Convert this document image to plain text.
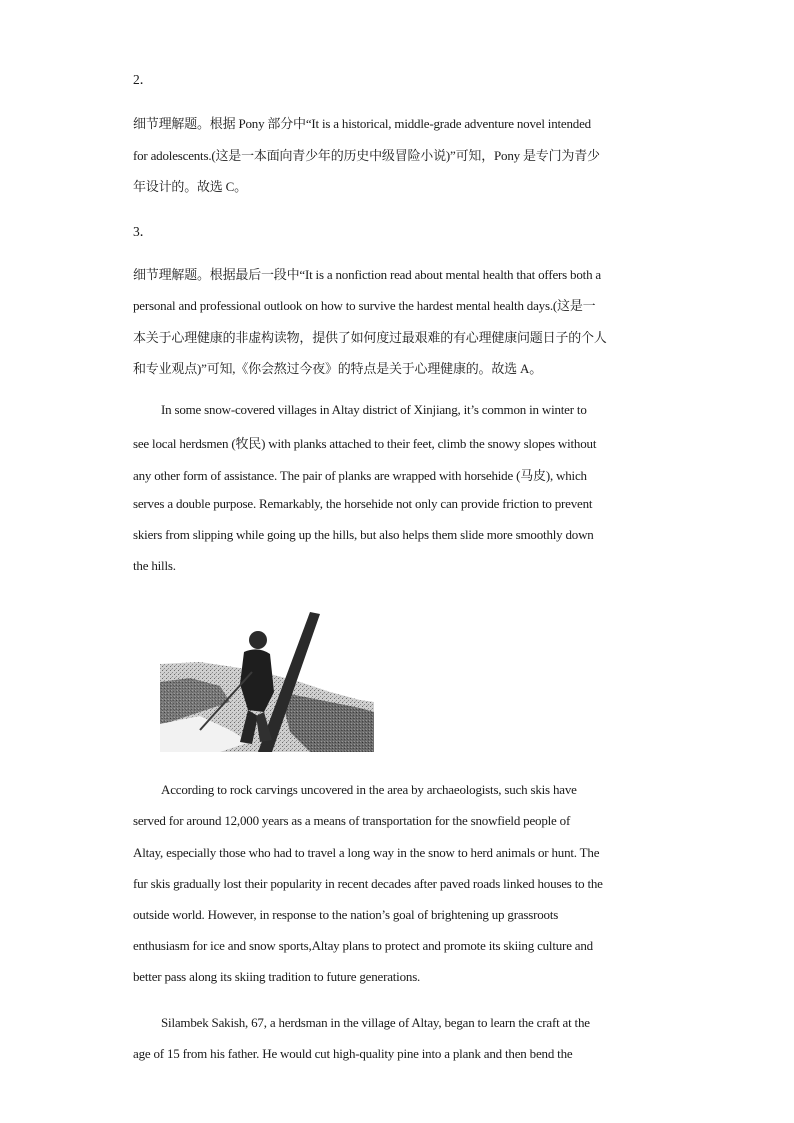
2．
细节理解题。根据 Pony 部分中“It is a historical, middle-grade adventure novel intended
for adolescents.(这是一本面向青少年的历史中级冒险小说)”可知，Pony 是专门为青少
年设计的。故选 C。
3．
细节理解题。根据最后一段中“It is a nonfiction read about mental health that offers both a
personal and professional outlook on how to survive the hardest mental health days.(这是一
本关于心理健康的非虚构读物，提供了如何度过最艰难的有心理健康问题日子的个人
和专业观点)”可知,《你会熬过今夜》的特点是关于心理健康的。故选 A。
In some snow-covered villages in Altay district of Xinjiang, it’s common in winter to
see local herdsmen (牧民) with planks attached to their feet, climb the snowy slopes without
any other form of assistance. The pair of planks are wrapped with horsehide (马皮), which
serves a double purpose. Remarkably, the horsehide not only can provide friction to prevent
skiers from slipping while going up the hills, but also helps them slide more smoothly down
the hills.
According to rock carvings uncovered in the area by archaeologists, such skis have
served for around 12,000 years as a means of transportation for the snowfield people of
Altay, especially those who had to travel a long way in the snow to herd animals or hunt. The
fur skis gradually lost their popularity in recent decades after paved roads linked houses to the
outside world. However, in response to the nation’s goal of brightening up grassroots
enthusiasm for ice and snow sports,Altay plans to protect and promote its skiing culture and
better pass along its skiing tradition to future generations.
Silambek Sakish, 67, a herdsman in the village of Altay, began to learn the craft at the
age of 15 from his father. He would cut high-quality pine into a plank and then bend the
